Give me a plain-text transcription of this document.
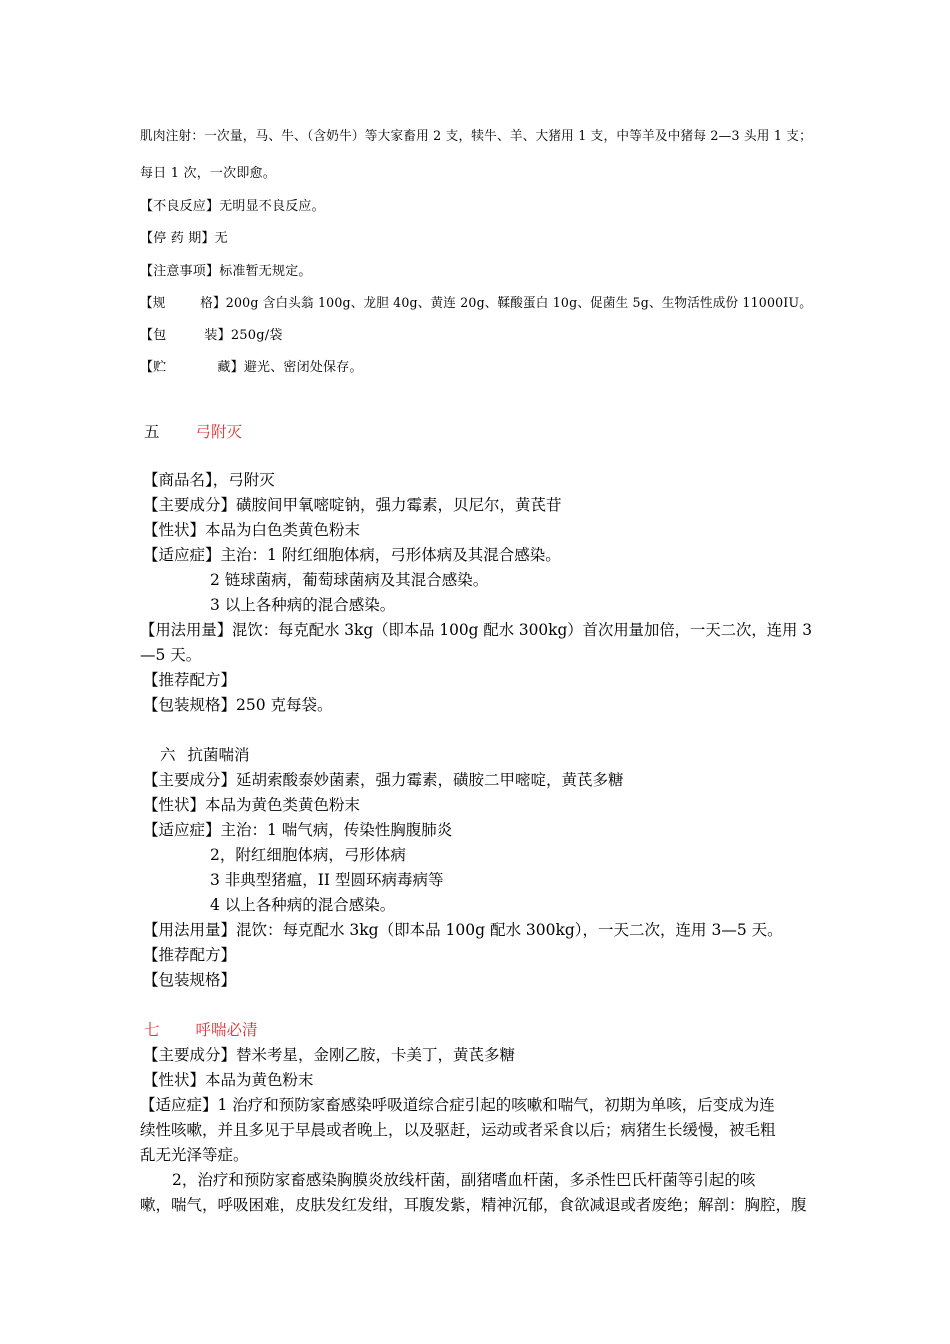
肌肉注射：一次量，马、牛、（含奶牛）等大家畜用 2 支，犊牛、羊、大猪用 1 支，中等羊及中猪每 2—3 头用 1 支；

每日 1 次，一次即愈。

【不良反应】无明显不良反应。

【停 药 期】无

【注意事项】标准暂无规定。

【规	格】200g 含白头翁 100g、龙胆 40g、黄连 20g、鞣酸蛋白 10g、促菌生 5g、生物活性成份 11000IU。

【包	装】250g/袋

【贮	藏】避光、密闭处保存。

五 弓附灭

【商品名】，弓附灭

【主要成分】磺胺间甲氧嘧啶钠，强力霉素，贝尼尔，黄芪苷

【性状】本品为白色类黄色粉末

【适应症】主治：1 附红细胞体病，弓形体病及其混合感染。

2 链球菌病，葡萄球菌病及其混合感染。

3 以上各种病的混合感染。

【用法用量】混饮：每克配水 3kg（即本品 100g 配水 300kg）首次用量加倍，一天二次，连用 3

—5 天。

【推荐配方】

【包装规格】250 克每袋。

六 抗菌喘消

【主要成分】延胡索酸泰妙菌素，强力霉素，磺胺二甲嘧啶，黄芪多糖

【性状】本品为黄色类黄色粉末

【适应症】主治：1 喘气病，传染性胸腹肺炎

2，附红细胞体病，弓形体病

3 非典型猪瘟，II 型圆环病毒病等

4 以上各种病的混合感染。

【用法用量】混饮：每克配水 3kg（即本品 100g 配水 300kg），一天二次，连用 3—5 天。

【推荐配方】

【包装规格】

七 呼喘必清

【主要成分】替米考星，金刚乙胺，卡美丁，黄芪多糖

【性状】本品为黄色粉末

【适应症】1 治疗和预防家畜感染呼吸道综合症引起的咳嗽和喘气，初期为单咳，后变成为连

续性咳嗽，并且多见于早晨或者晚上，以及驱赶，运动或者采食以后；病猪生长缓慢，被毛粗

乱无光泽等症。

2，治疗和预防家畜感染胸膜炎放线杆菌，副猪嗜血杆菌，多杀性巴氏杆菌等引起的咳

嗽，喘气，呼吸困难，皮肤发红发绀，耳腹发紫，精神沉郁，食欲减退或者废绝；解剖：胸腔，腹
